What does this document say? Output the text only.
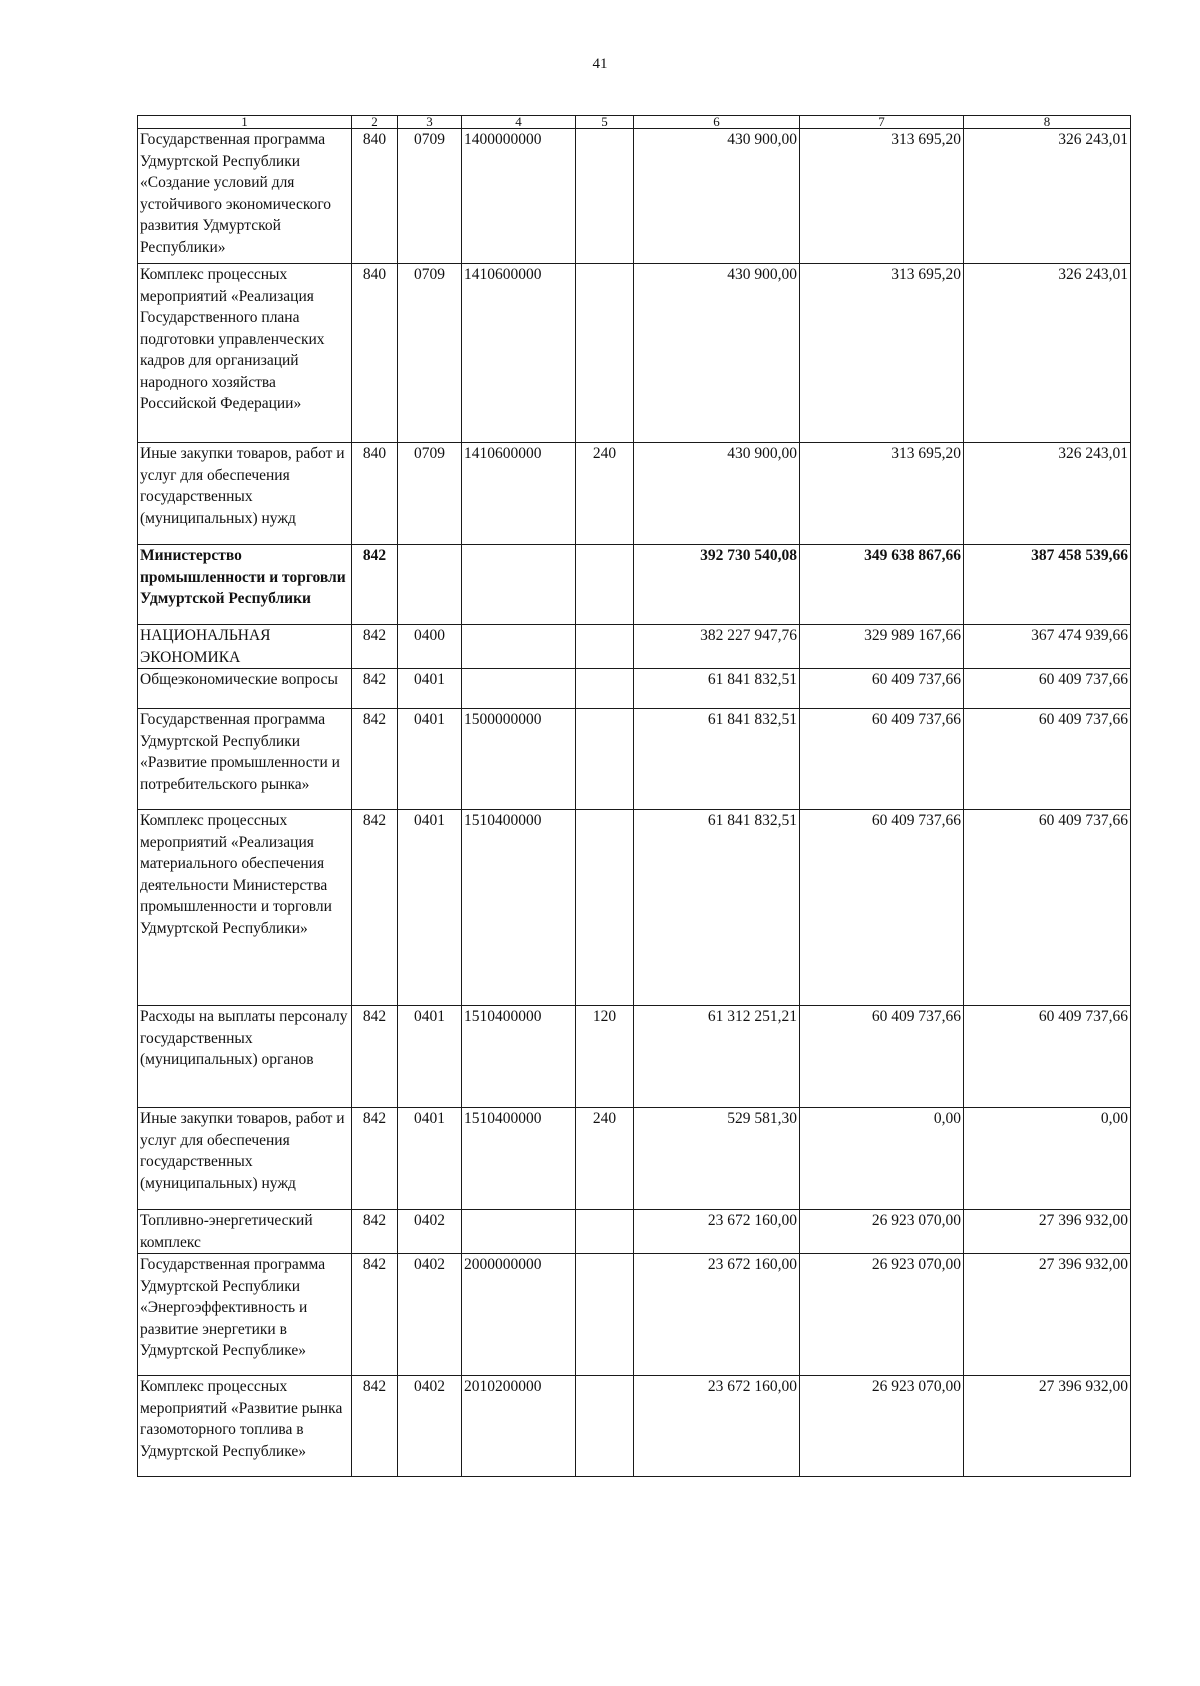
41
1	2	3	4	5	6	7	8
Государственная программа Удмуртской Республики «Создание условий для устойчивого экономического развития Удмуртской Республики»	840	0709	1400000000		430 900,00	313 695,20	326 243,01
Комплекс процессных мероприятий «Реализация Государственного плана подготовки управленческих кадров для организаций народного хозяйства Российской Федерации»	840	0709	1410600000		430 900,00	313 695,20	326 243,01
Иные закупки товаров, работ и услуг для обеспечения государственных (муниципальных) нужд	840	0709	1410600000	240	430 900,00	313 695,20	326 243,01
Министерство промышленности и торговли Удмуртской Республики	842				392 730 540,08	349 638 867,66	387 458 539,66
НАЦИОНАЛЬНАЯ ЭКОНОМИКА	842	0400			382 227 947,76	329 989 167,66	367 474 939,66
Общеэкономические вопросы	842	0401			61 841 832,51	60 409 737,66	60 409 737,66
Государственная программа Удмуртской Республики «Развитие промышленности и потребительского рынка»	842	0401	1500000000		61 841 832,51	60 409 737,66	60 409 737,66
Комплекс процессных мероприятий «Реализация материального обеспечения деятельности Министерства промышленности и торговли Удмуртской Республики»	842	0401	1510400000		61 841 832,51	60 409 737,66	60 409 737,66
Расходы на выплаты персоналу государственных (муниципальных) органов	842	0401	1510400000	120	61 312 251,21	60 409 737,66	60 409 737,66
Иные закупки товаров, работ и услуг для обеспечения государственных (муниципальных) нужд	842	0401	1510400000	240	529 581,30	0,00	0,00
Топливно-энергетический комплекс	842	0402			23 672 160,00	26 923 070,00	27 396 932,00
Государственная программа Удмуртской Республики «Энергоэффективность и развитие энергетики в Удмуртской Республике»	842	0402	2000000000		23 672 160,00	26 923 070,00	27 396 932,00
Комплекс процессных мероприятий «Развитие рынка газомоторного топлива в Удмуртской Республике»	842	0402	2010200000		23 672 160,00	26 923 070,00	27 396 932,00
